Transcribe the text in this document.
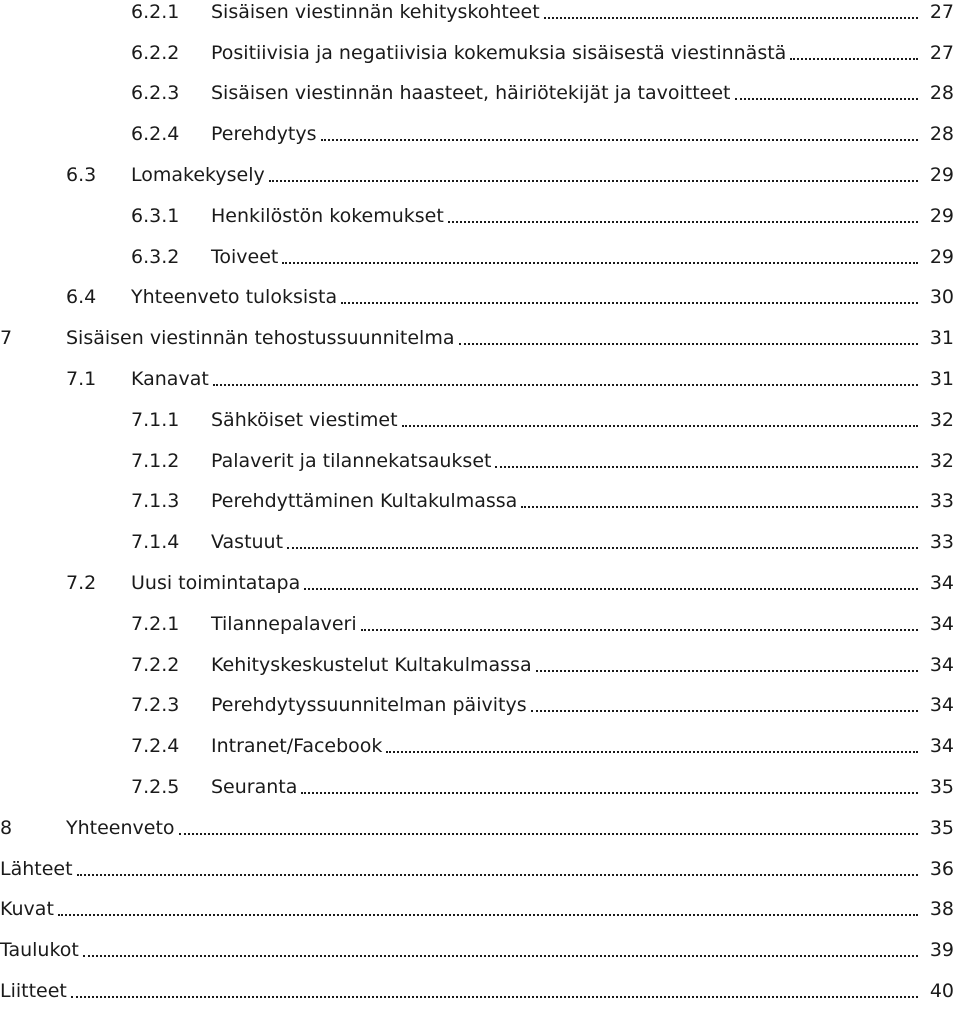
6.2.1	Sisäisen viestinnän kehityskohteet	27
6.2.2	Positiivisia ja negatiivisia kokemuksia sisäisestä viestinnästä	27
6.2.3	Sisäisen viestinnän haasteet, häiriötekijät ja tavoitteet	28
6.2.4	Perehdytys	28
6.3	Lomakekysely	29
6.3.1	Henkilöstön kokemukset	29
6.3.2	Toiveet	29
6.4	Yhteenveto tuloksista	30
7	Sisäisen viestinnän tehostussuunnitelma	31
7.1	Kanavat	31
7.1.1	Sähköiset viestimet	32
7.1.2	Palaverit ja tilannekatsaukset	32
7.1.3	Perehdyttäminen Kultakulmassa	33
7.1.4	Vastuut	33
7.2	Uusi toimintatapa	34
7.2.1	Tilannepalaveri	34
7.2.2	Kehityskeskustelut Kultakulmassa	34
7.2.3	Perehdytyssuunnitelman päivitys	34
7.2.4	Intranet/Facebook	34
7.2.5	Seuranta	35
8	Yhteenveto	35
Lähteet	36
Kuvat	38
Taulukot	39
Liitteet	40
